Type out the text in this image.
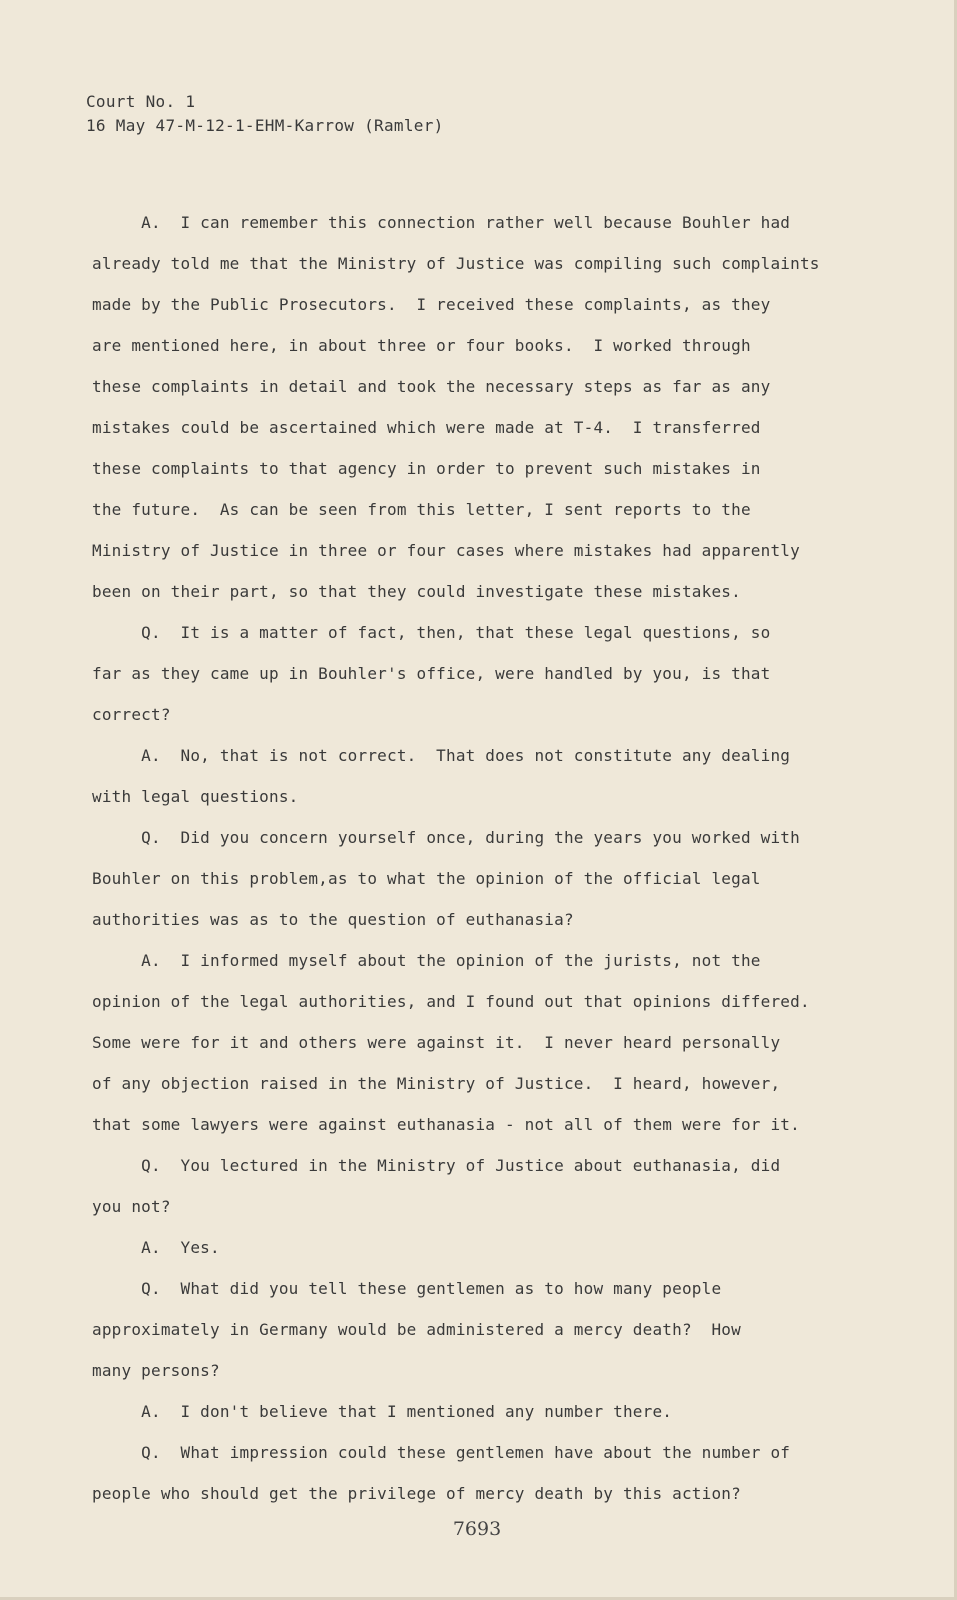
Court No. 1
16 May 47-M-12-1-EHM-Karrow (Ramler)
A.  I can remember this connection rather well because Bouhler had
already told me that the Ministry of Justice was compiling such complaints
made by the Public Prosecutors.  I received these complaints, as they
are mentioned here, in about three or four books.  I worked through
these complaints in detail and took the necessary steps as far as any
mistakes could be ascertained which were made at T-4.  I transferred
these complaints to that agency in order to prevent such mistakes in
the future.  As can be seen from this letter, I sent reports to the
Ministry of Justice in three or four cases where mistakes had apparently
been on their part, so that they could investigate these mistakes.
Q.  It is a matter of fact, then, that these legal questions, so
far as they came up in Bouhler's office, were handled by you, is that
correct?
A.  No, that is not correct.  That does not constitute any dealing
with legal questions.
Q.  Did you concern yourself once, during the years you worked with
Bouhler on this problem,as to what the opinion of the official legal
authorities was as to the question of euthanasia?
A.  I informed myself about the opinion of the jurists, not the
opinion of the legal authorities, and I found out that opinions differed.
Some were for it and others were against it.  I never heard personally
of any objection raised in the Ministry of Justice.  I heard, however,
that some lawyers were against euthanasia - not all of them were for it.
Q.  You lectured in the Ministry of Justice about euthanasia, did
you not?
A.  Yes.
Q.  What did you tell these gentlemen as to how many people
approximately in Germany would be administered a mercy death?  How
many persons?
A.  I don't believe that I mentioned any number there.
Q.  What impression could these gentlemen have about the number of
people who should get the privilege of mercy death by this action?
7693
